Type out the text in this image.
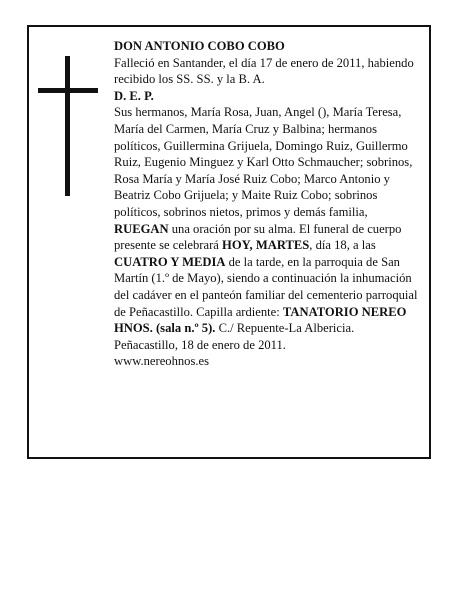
DON ANTONIO COBO COBO

Falleció en Santander, el día 17 de enero de 2011, habiendo recibido los SS. SS. y la B. A.

D. E. P.

Sus hermanos, María Rosa, Juan, Angel (), María Teresa, María del Carmen, María Cruz y Balbina; hermanos políticos, Guillermina Grijuela, Domingo Ruiz, Guillermo Ruiz, Eugenio Minguez y Karl Otto Schmaucher; sobrinos, Rosa María y María José Ruiz Cobo; Marco Antonio y Beatriz Cobo Grijuela; y Maite Ruiz Cobo; sobrinos políticos, sobrinos nietos, primos y demás familia,

RUEGAN una oración por su alma. El funeral de cuerpo presente se celebrará HOY, MARTES, día 18, a las CUATRO Y MEDIA de la tarde, en la parroquia de San Martín (1.º de Mayo), siendo a continuación la inhumación del cadáver en el panteón familiar del cementerio parroquial de Peñacastillo. Capilla ardiente: TANATORIO NEREO HNOS. (sala n.º 5). C./ Repuente-La Albericia.

Peñacastillo, 18 de enero de 2011.

www.nereohnos.es
